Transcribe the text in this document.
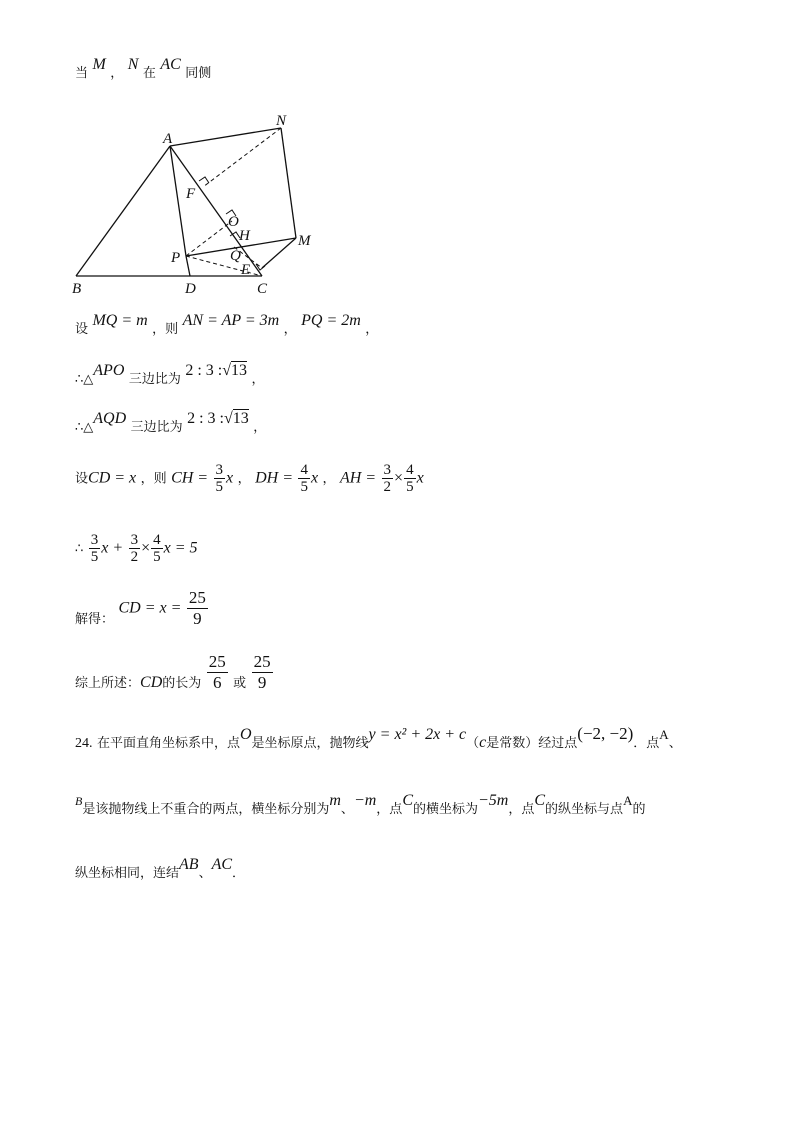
当 M ， N 在 AC 同侧
A
N
F
O
H	M
P	Q
E
B	D	C
设 MQ = m ，则 AN = AP = 3m ， PQ = 2m ，
∴△APO 三边比为 2 : 3 :√13 ，
∴△AQD 三边比为 2 : 3 :√13 ，
设CD = x ，则 CH = $\frac{3}{5}$ x ， DH = $\frac{4}{5}$ x ， AH = $\frac{3}{2} \times \frac{4}{5}$ x
∴ $\frac{3}{5}$ $x + \frac{3}{2} \times \frac{4}{5}$ x = 5
解得： CD = $x = \frac{25}{9}$
综上所述：CD的长为 $\frac{25}{6}$ 或 $\frac{25}{9}$
24. 在平面直角坐标系中，点O是坐标原点，抛物线y = x² + 2x + c（c是常数）经过点(−2, −2)．点A、
B是该抛物线上不重合的两点，横坐标分别为m、−m，点C的横坐标为−5m，点C的纵坐标与点A的
纵坐标相同，连结AB、AC．
